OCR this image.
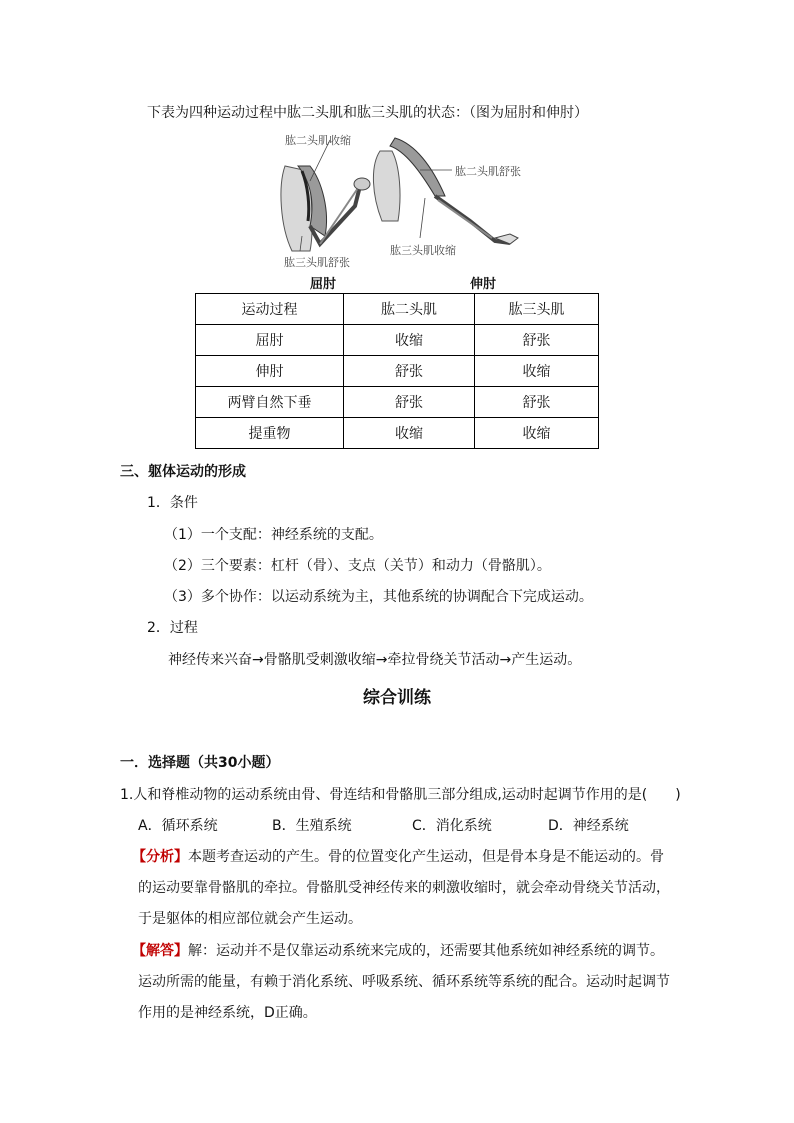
下表为四种运动过程中肱二头肌和肱三头肌的状态：（图为屈肘和伸肘）
肱二头肌收缩
肱三头肌舒张
肱二头肌舒张
肱三头肌收缩
屈肘	伸肘
运动过程	肱二头肌	肱三头肌
屈肘	收缩	舒张
伸肘	舒张	收缩
两臂自然下垂	舒张	舒张
提重物	收缩	收缩
三、躯体运动的形成
1．条件
（1）一个支配：神经系统的支配。
（2）三个要素：杠杆（骨）、支点（关节）和动力（骨骼肌）。
（3）多个协作：以运动系统为主，其他系统的协调配合下完成运动。
2．过程
神经传来兴奋→骨骼肌受刺激收缩→牵拉骨绕关节活动→产生运动。
综合训练
一．选择题（共30小题）
1.人和脊椎动物的运动系统由骨、骨连结和骨骼肌三部分组成,运动时起调节作用的是(　　)
A．循环系统	B．生殖系统	C．消化系统	D．神经系统
【分析】本题考查运动的产生。骨的位置变化产生运动，但是骨本身是不能运动的。骨
的运动要靠骨骼肌的牵拉。骨骼肌受神经传来的刺激收缩时，就会牵动骨绕关节活动，
于是躯体的相应部位就会产生运动。
【解答】解：运动并不是仅靠运动系统来完成的，还需要其他系统如神经系统的调节。
运动所需的能量，有赖于消化系统、呼吸系统、循环系统等系统的配合。运动时起调节
作用的是神经系统，D正确。
